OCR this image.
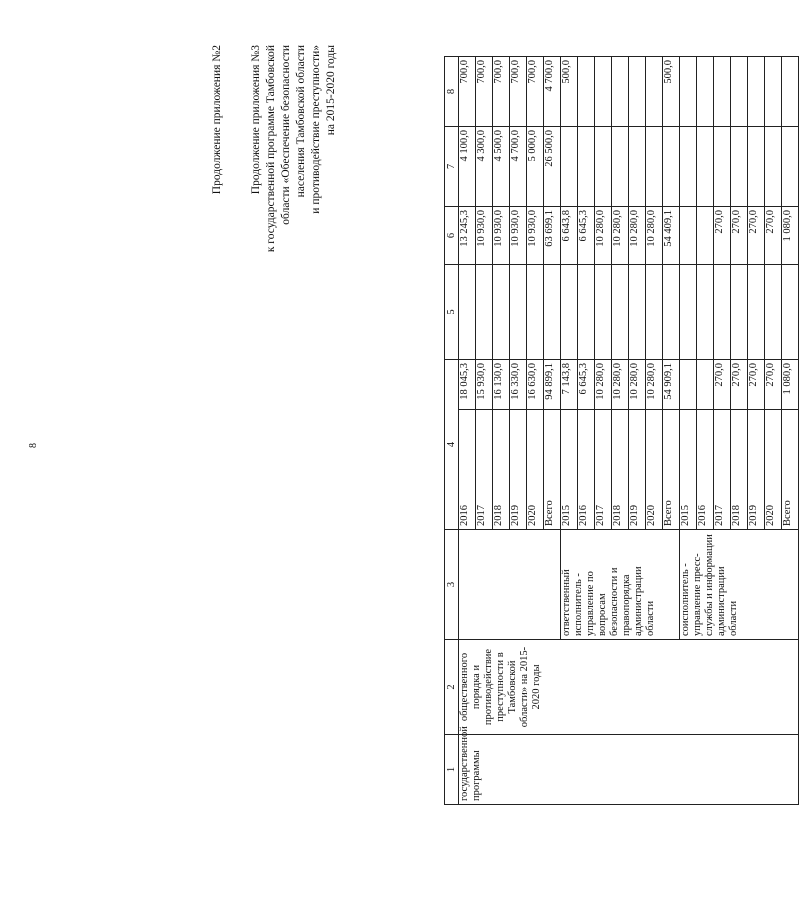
8
Продолжение приложения №2 Продолжение приложения №3 к государственной программе Тамбовской области «Обеспечение безопасности населения Тамбовской области и противодействие преступности» на 2015-2020 годы
1	2	3	4		5	6	7	8
государственной программы	общественного порядка и противодействие преступности в Тамбовской области» на 2015-2020 годы		2016	18 045,3		13 245,3	4 100,0	700,0
			2017	15 930,0		10 930,0	4 300,0	700,0
			2018	16 130,0		10 930,0	4 500,0	700,0
			2019	16 330,0		10 930,0	4 700,0	700,0
			2020	16 630,0		10 930,0	5 000,0	700,0
			Всего	94 899,1		63 699,1	26 500,0	4 700,0
		ответственный исполнитель - управление по вопросам безопасности и правопорядка администрации области	2015	7 143,8		6 643,8		500,0
			2016	6 645,3		6 645,3		
			2017	10 280,0		10 280,0		
			2018	10 280,0		10 280,0		
			2019	10 280,0		10 280,0		
			2020	10 280,0		10 280,0		
			Всего	54 909,1		54 409,1		500,0
		соисполнитель - управление пресс-службы и информации администрации области	2015					
			2016					
			2017	270,0		270,0		
			2018	270,0		270,0		
			2019	270,0		270,0		
			2020	270,0		270,0		
			Всего	1 080,0		1 080,0		
